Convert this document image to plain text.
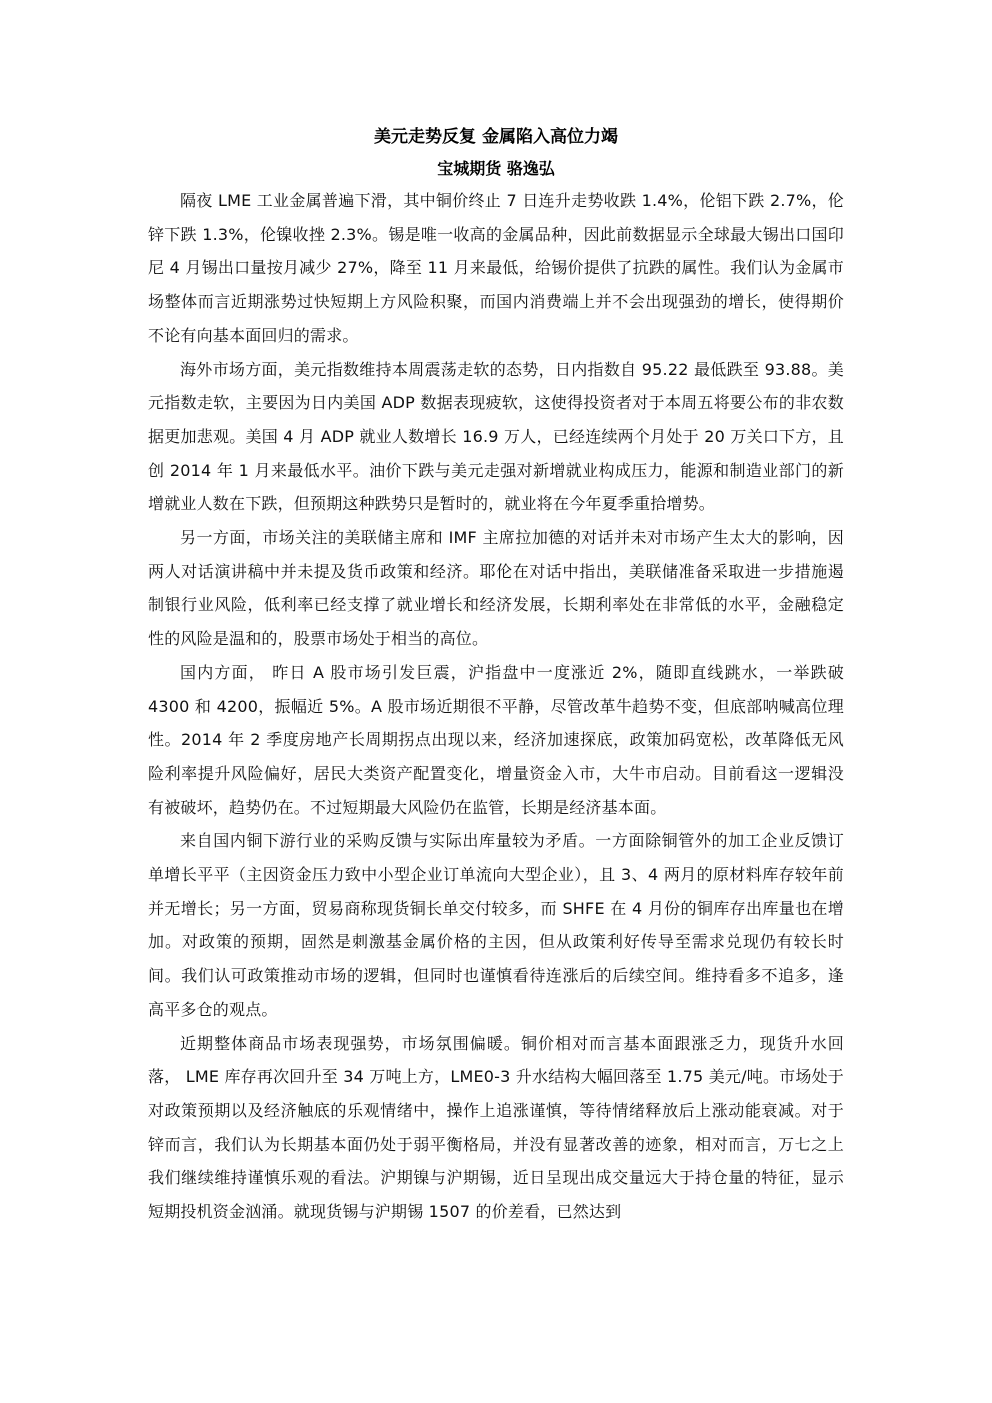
美元走势反复 金属陷入高位力竭
宝城期货 骆逸弘

隔夜 LME 工业金属普遍下滑，其中铜价终止 7 日连升走势收跌 1.4%，伦铝下跌 2.7%，伦锌下跌 1.3%，伦镍收挫 2.3%。锡是唯一收高的金属品种，因此前数据显示全球最大锡出口国印尼 4 月锡出口量按月减少 27%，降至 11 月来最低，给锡价提供了抗跌的属性。我们认为金属市场整体而言近期涨势过快短期上方风险积聚，而国内消费端上并不会出现强劲的增长，使得期价不论有向基本面回归的需求。

海外市场方面，美元指数维持本周震荡走软的态势，日内指数自 95.22 最低跌至 93.88。美元指数走软，主要因为日内美国 ADP 数据表现疲软，这使得投资者对于本周五将要公布的非农数据更加悲观。美国 4 月 ADP 就业人数增长 16.9 万人，已经连续两个月处于 20 万关口下方，且创 2014 年 1 月来最低水平。油价下跌与美元走强对新增就业构成压力，能源和制造业部门的新增就业人数在下跌，但预期这种跌势只是暂时的，就业将在今年夏季重拾增势。

另一方面，市场关注的美联储主席和 IMF 主席拉加德的对话并未对市场产生太大的影响，因两人对话演讲稿中并未提及货币政策和经济。耶伦在对话中指出，美联储准备采取进一步措施遏制银行业风险，低利率已经支撑了就业增长和经济发展，长期利率处在非常低的水平，金融稳定性的风险是温和的，股票市场处于相当的高位。

国内方面， 昨日 A 股市场引发巨震，沪指盘中一度涨近 2%，随即直线跳水，一举跌破 4300 和 4200，振幅近 5%。A 股市场近期很不平静，尽管改革牛趋势不变，但底部呐喊高位理性。2014 年 2 季度房地产长周期拐点出现以来，经济加速探底，政策加码宽松，改革降低无风险利率提升风险偏好，居民大类资产配置变化，增量资金入市，大牛市启动。目前看这一逻辑没有被破坏，趋势仍在。不过短期最大风险仍在监管，长期是经济基本面。

来自国内铜下游行业的采购反馈与实际出库量较为矛盾。一方面除铜管外的加工企业反馈订单增长平平（主因资金压力致中小型企业订单流向大型企业），且 3、4 两月的原材料库存较年前并无增长；另一方面，贸易商称现货铜长单交付较多，而 SHFE 在 4 月份的铜库存出库量也在增加。对政策的预期，固然是刺激基金属价格的主因，但从政策利好传导至需求兑现仍有较长时间。我们认可政策推动市场的逻辑，但同时也谨慎看待连涨后的后续空间。维持看多不追多，逢高平多仓的观点。

近期整体商品市场表现强势，市场氛围偏暖。铜价相对而言基本面跟涨乏力，现货升水回落， LME 库存再次回升至 34 万吨上方，LME0-3 升水结构大幅回落至 1.75 美元/吨。市场处于对政策预期以及经济触底的乐观情绪中，操作上追涨谨慎，等待情绪释放后上涨动能衰减。对于锌而言，我们认为长期基本面仍处于弱平衡格局，并没有显著改善的迹象，相对而言，万七之上我们继续维持谨慎乐观的看法。沪期镍与沪期锡，近日呈现出成交量远大于持仓量的特征，显示短期投机资金汹涌。就现货锡与沪期锡 1507 的价差看，已然达到
